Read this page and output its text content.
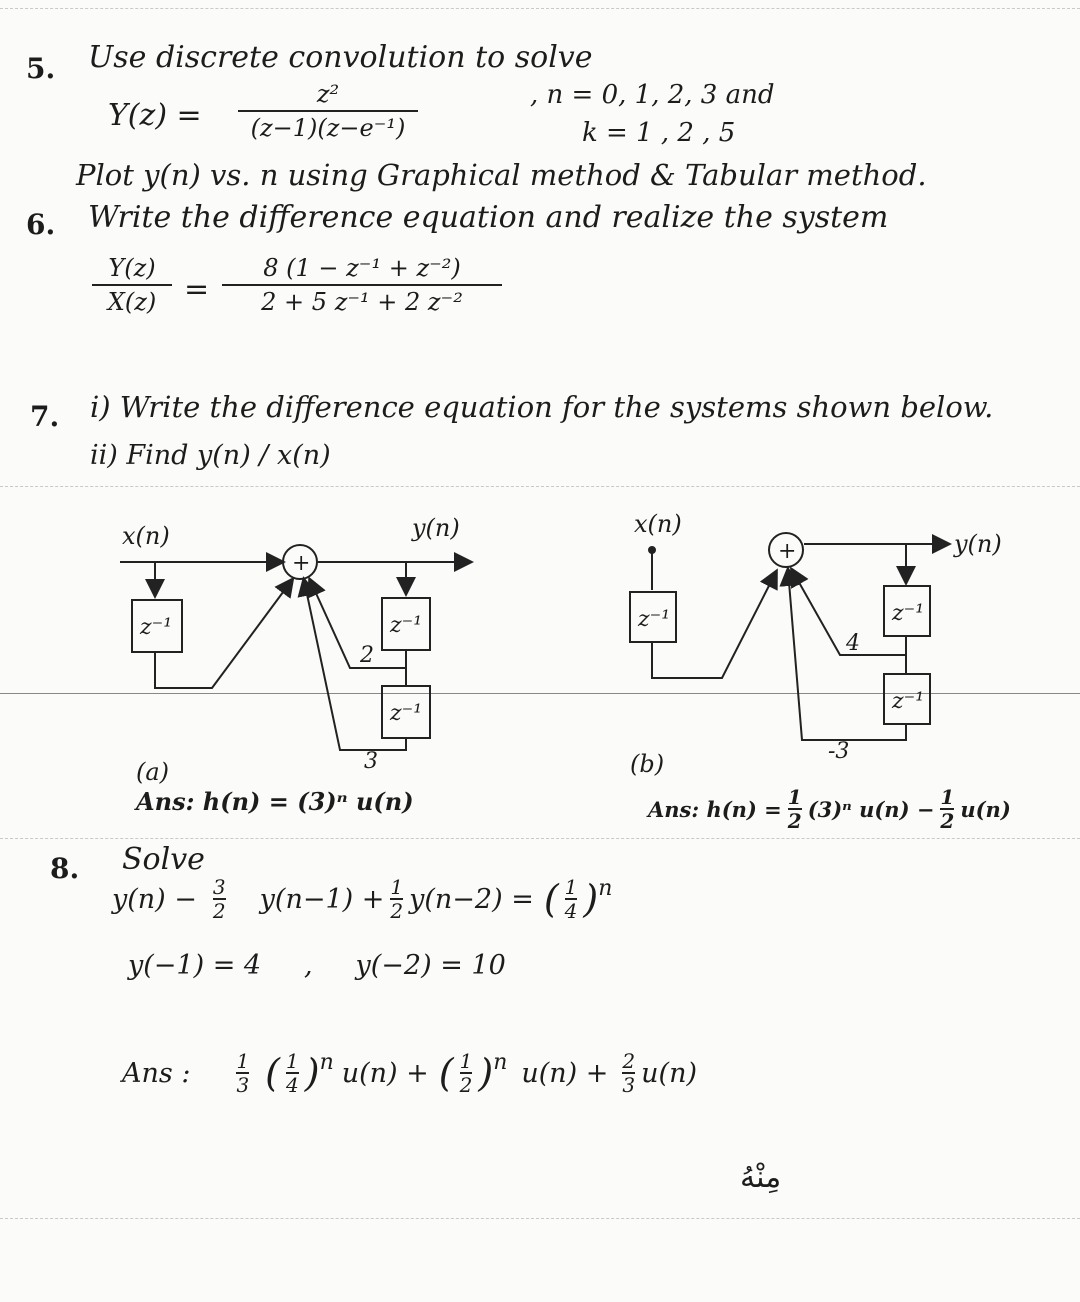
5. Use discrete convolution to solve
Y(z) =
z²
(z−1)(z−e⁻¹)
, n = 0, 1, 2, 3 and
k = 1 , 2 , 5
Plot y(n) vs. n using Graphical method & Tabular method.
6. Write the difference equation and realize the system
Y(z)
X(z) =
8 (1 − z⁻¹ + z⁻²)
2 + 5 z⁻¹ + 2 z⁻²
7. i) Write the difference equation for the systems shown below.
ii) Find y(n) / x(n)
x(n)	y(n)
+
z⁻¹	z⁻¹
z⁻¹
2
3
(a)
Ans: h(n) = (3)ⁿ u(n)
x(n)
y(n)
+
z⁻¹	z⁻¹
z⁻¹
4
-3
(b)
Ans: h(n) = 1
2 (3)ⁿ u(n) − 1
2 u(n)
8. Solve
y(n) − 3
2 y(n−1) + 1
2 y(n−2) = ( 1
4 )$^n$
y(−1) = 4     ,     y(−2) = 10
Ans : 1
3 ( 1
4 )$^n$ u(n) + ( 1
2 )$^n$ u(n) + 2
3 u(n)
مِنْهُ
